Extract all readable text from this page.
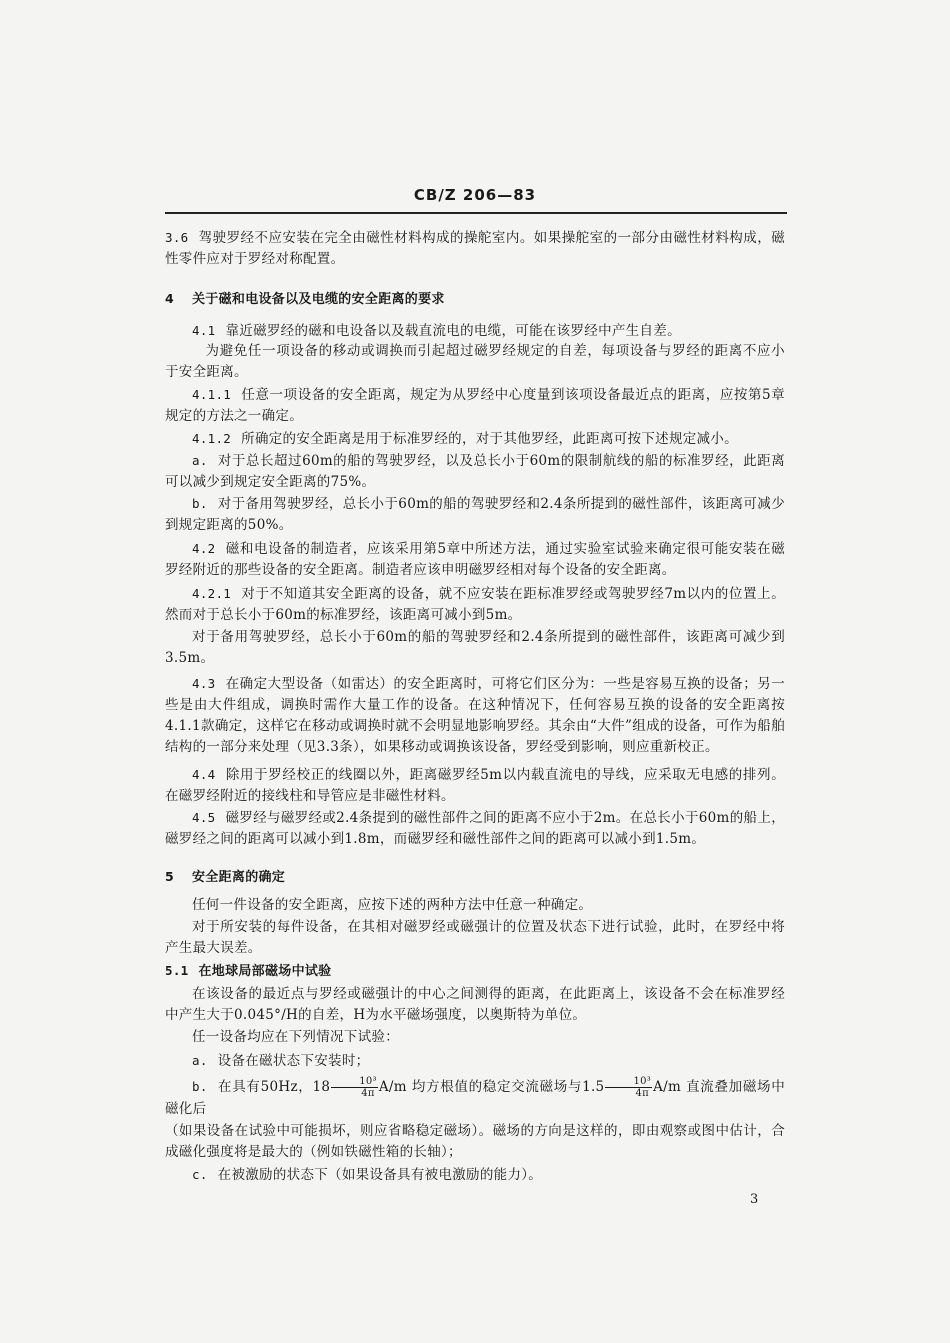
CB/Z 206—83
3.6 驾驶罗经不应安装在完全由磁性材料构成的操舵室内。如果操舵室的一部分由磁性材料构成，磁性零件应对于罗经对称配置。
4 关于磁和电设备以及电缆的安全距离的要求
4.1 靠近磁罗经的磁和电设备以及载直流电的电缆，可能在该罗经中产生自差。
为避免任一项设备的移动或调换而引起超过磁罗经规定的自差，每项设备与罗经的距离不应小于安全距离。
4.1.1 任意一项设备的安全距离，规定为从罗经中心度量到该项设备最近点的距离，应按第5章规定的方法之一确定。
4.1.2 所确定的安全距离是用于标准罗经的，对于其他罗经，此距离可按下述规定减小。
a. 对于总长超过60m的船的驾驶罗经，以及总长小于60m的限制航线的船的标准罗经，此距离可以减少到规定安全距离的75%。
b. 对于备用驾驶罗经，总长小于60m的船的驾驶罗经和2.4条所提到的磁性部件，该距离可减少到规定距离的50%。
4.2 磁和电设备的制造者，应该采用第5章中所述方法，通过实验室试验来确定很可能安装在磁罗经附近的那些设备的安全距离。制造者应该申明磁罗经相对每个设备的安全距离。
4.2.1 对于不知道其安全距离的设备，就不应安装在距标准罗经或驾驶罗经7m以内的位置上。然而对于总长小于60m的标准罗经，该距离可减小到5m。
对于备用驾驶罗经，总长小于60m的船的驾驶罗经和2.4条所提到的磁性部件，该距离可减少到3.5m。
4.3 在确定大型设备（如雷达）的安全距离时，可将它们区分为：一些是容易互换的设备；另一些是由大件组成，调换时需作大量工作的设备。在这种情况下，任何容易互换的设备的安全距离按4.1.1款确定，这样它在移动或调换时就不会明显地影响罗经。其余由“大件”组成的设备，可作为船舶结构的一部分来处理（见3.3条），如果移动或调换该设备，罗经受到影响，则应重新校正。
4.4 除用于罗经校正的线圈以外，距离磁罗经5m以内载直流电的导线，应采取无电感的排列。在磁罗经附近的接线柱和导管应是非磁性材料。
4.5 磁罗经与磁罗经或2.4条提到的磁性部件之间的距离不应小于2m。在总长小于60m的船上，磁罗经之间的距离可以减小到1.8m，而磁罗经和磁性部件之间的距离可以减小到1.5m。
5 安全距离的确定
任何一件设备的安全距离，应按下述的两种方法中任意一种确定。
对于所安装的每件设备，在其相对磁罗经或磁强计的位置及状态下进行试验，此时，在罗经中将产生最大误差。
5.1 在地球局部磁场中试验
在该设备的最近点与罗经或磁强计的中心之间测得的距离，在此距离上，该设备不会在标准罗经中产生大于0.045°/H的自差，H为水平磁场强度，以奥斯特为单位。
任一设备均应在下列情况下试验：
a. 设备在磁状态下安装时；
b. 在具有50Hz，$18 \frac{\text{10³}}{4\pi} A/m$ 均方根值的稳定交流磁场与$1.5 \frac{\text{10³}}{4\pi} A/m$ 直流叠加磁场中磁化后
（如果设备在试验中可能损坏，则应省略稳定磁场）。磁场的方向是这样的，即由观察或图中估计，合成磁化强度将是最大的（例如铁磁性箱的长轴）；
c. 在被激励的状态下（如果设备具有被电激励的能力）。
3
